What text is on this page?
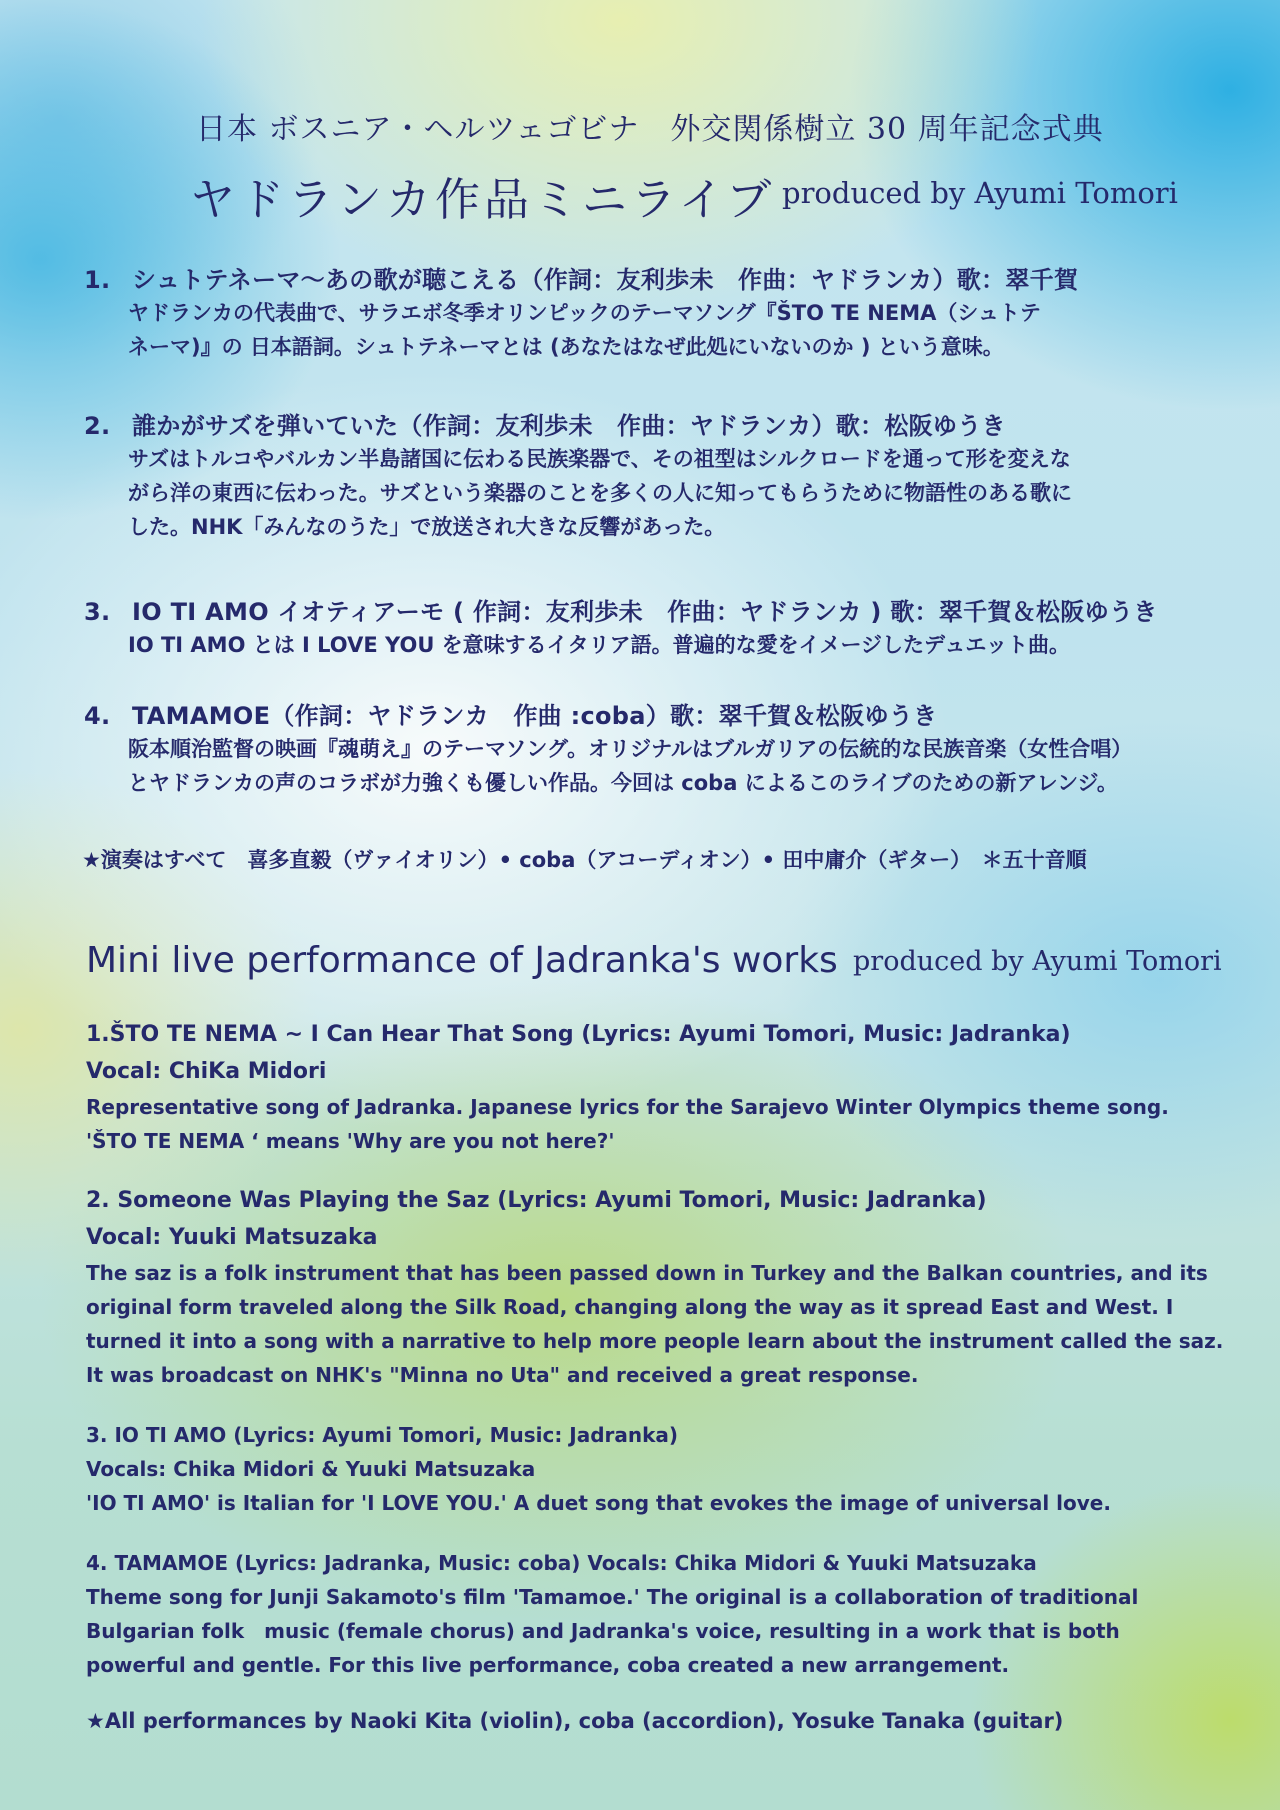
日本 ボスニア・ヘルツェゴビナ　外交関係樹立 30 周年記念式典
ヤドランカ作品ミニライブ produced by Ayumi Tomori
1. シュトテネーマ〜あの歌が聴こえる（作詞：友利歩未　作曲：ヤドランカ）歌：翠千賀
ヤドランカの代表曲で、サラエボ冬季オリンピックのテーマソング『ŠTO TE NEMA（シュトテ
ネーマ)』の 日本語詞。シュトテネーマとは (あなたはなぜ此処にいないのか ) という意味。
2. 誰かがサズを弾いていた（作詞：友利歩未　作曲：ヤドランカ）歌：松阪ゆうき
サズはトルコやバルカン半島諸国に伝わる民族楽器で、その祖型はシルクロードを通って形を変えな
がら洋の東西に伝わった。サズという楽器のことを多くの人に知ってもらうために物語性のある歌に
した。NHK「みんなのうた」で放送され大きな反響があった。
3. IO TI AMO イオティアーモ ( 作詞：友利歩未　作曲：ヤドランカ ) 歌：翠千賀＆松阪ゆうき
IO TI AMO とは I LOVE YOU を意味するイタリア語。普遍的な愛をイメージしたデュエット曲。
4. TAMAMOE（作詞：ヤドランカ　作曲 :coba）歌：翠千賀＆松阪ゆうき
阪本順治監督の映画『魂萌え』のテーマソング。オリジナルはブルガリアの伝統的な民族音楽（女性合唱）
とヤドランカの声のコラボが力強くも優しい作品。今回は coba によるこのライブのための新アレンジ。
★演奏はすべて　喜多直毅（ヴァイオリン）• coba（アコーディオン）• 田中庸介（ギター）　＊五十音順
Mini live performance of Jadranka's works produced by Ayumi Tomori
1.ŠTO TE NEMA ~ I Can Hear That Song (Lyrics: Ayumi Tomori, Music: Jadranka)
Vocal: ChiKa Midori
Representative song of Jadranka. Japanese lyrics for the Sarajevo Winter Olympics theme song.
'ŠTO TE NEMA ‘ means 'Why are you not here?'
2. Someone Was Playing the Saz (Lyrics: Ayumi Tomori, Music: Jadranka)
Vocal: Yuuki Matsuzaka
The saz is a folk instrument that has been passed down in Turkey and the Balkan countries, and its
original form traveled along the Silk Road, changing along the way as it spread East and West. I
turned it into a song with a narrative to help more people learn about the instrument called the saz.
It was broadcast on NHK's "Minna no Uta" and received a great response.
3. IO TI AMO (Lyrics: Ayumi Tomori, Music: Jadranka)
Vocals: Chika Midori & Yuuki Matsuzaka
'IO TI AMO' is Italian for 'I LOVE YOU.' A duet song that evokes the image of universal love.
4. TAMAMOE (Lyrics: Jadranka, Music: coba) Vocals: Chika Midori & Yuuki Matsuzaka
Theme song for Junji Sakamoto's film 'Tamamoe.' The original is a collaboration of traditional
Bulgarian folk　music (female chorus) and Jadranka's voice, resulting in a work that is both
powerful and gentle. For this live performance, coba created a new arrangement.
★All performances by Naoki Kita (violin), coba (accordion), Yosuke Tanaka (guitar)
